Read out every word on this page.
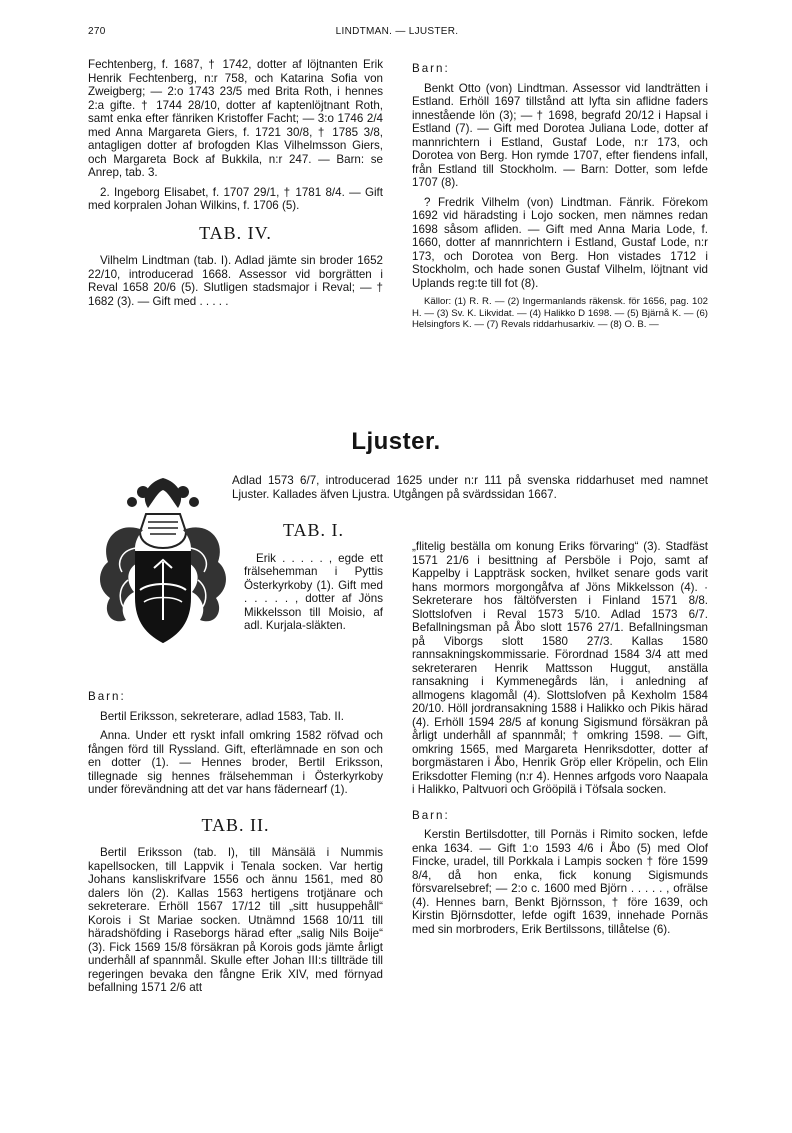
270	LINDTMAN. — LJUSTER.

Fechtenberg, f. 1687, † 1742, dotter af löjtnanten Erik Henrik Fechtenberg, n:r 758, och Katarina Sofia von Zweigberg; — 2:o 1743 23/5 med Brita Roth, i hennes 2:a gifte. † 1744 28/10, dotter af kaptenlöjtnant Roth, samt enka efter fänriken Kristoffer Facht; — 3:o 1746 2/4 med Anna Margareta Giers, f. 1721 30/8, † 1785 3/8, antagligen dotter af brofogden Klas Vilhelmsson Giers, och Margareta Bock af Bukkila, n:r 247. — Barn: se Anrep, tab. 3.

2. Ingeborg Elisabet, f. 1707 29/1, † 1781 8/4. — Gift med korpralen Johan Wilkins, f. 1706 (5).

TAB. IV.

Vilhelm Lindtman (tab. I). Adlad jämte sin broder 1652 22/10, introducerad 1668. Assessor vid borgrätten i Reval 1658 20/6 (5). Slutligen stadsmajor i Reval; — † 1682 (3). — Gift med . . . . .

Barn:

Benkt Otto (von) Lindtman. Assessor vid landträtten i Estland. Erhöll 1697 tillstånd att lyfta sin aflidne faders innestående lön (3); — † 1698, begrafd 20/12 i Hapsal i Estland (7). — Gift med Dorotea Juliana Lode, dotter af mannrichtern i Estland, Gustaf Lode, n:r 173, och Dorotea von Berg. Hon rymde 1707, efter fiendens infall, från Estland till Stockholm. — Barn: Dotter, som lefde 1707 (8).

? Fredrik Vilhelm (von) Lindtman. Fänrik. Förekom 1692 vid häradsting i Lojo socken, men nämnes redan 1698 såsom afliden. — Gift med Anna Maria Lode, f. 1660, dotter af mannrichtern i Estland, Gustaf Lode, n:r 173, och Dorotea von Berg. Hon vistades 1712 i Stockholm, och hade sonen Gustaf Vilhelm, löjtnant vid Uplands reg:te till fot (8).

Källor: (1) R. R. — (2) Ingermanlands räkensk. för 1656, pag. 102 H. — (3) Sv. K. Likvidat. — (4) Halikko D 1698. — (5) Bjärnå K. — (6) Helsingfors K. — (7) Revals riddarhusarkiv. — (8) O. B. —

Ljuster.
Adlad 1573 6/7, introducerad 1625 under n:r 111 på svenska riddarhuset med namnet Ljuster. Kallades äfven Ljustra. Utgången på svärdssidan 1667.
TAB. I.

Erik . . . . . , egde ett frälsehemman i Pyttis Österkyrkoby (1). Gift med . . . . . , dotter af Jöns Mikkelsson till Moisio, af adl. Kurjala-släkten.

Barn:

Bertil Eriksson, sekreterare, adlad 1583, Tab. II.

Anna. Under ett ryskt infall omkring 1582 röfvad och fången förd till Ryssland. Gift, efterlämnade en son och en dotter (1). — Hennes broder, Bertil Eriksson, tillegnade sig hennes frälsehemman i Österkyrkoby under förevändning att det var hans fädernearf (1).

TAB. II.

Bertil Eriksson (tab. I), till Mänsälä i Nummis kapellsocken, till Lappvik i Tenala socken. Var hertig Johans kansliskrifvare 1556 och ännu 1561, med 80 dalers lön (2). Kallas 1563 hertigens trotjänare och sekreterare. Erhöll 1567 17/12 till „sitt husuppehåll“ Korois i St Mariae socken. Utnämnd 1568 10/11 till häradshöfding i Raseborgs härad efter „salig Nils Boije“ (3). Fick 1569 15/8 försäkran på Korois gods jämte årligt underhåll af spannmål. Skulle efter Johan III:s tillträde till regeringen bevaka den fångne Erik XIV, med förnyad befallning 1571 2/6 att

„flitelig beställa om konung Eriks förvaring“ (3). Stadfäst 1571 21/6 i besittning af Persböle i Pojo, samt af Kappelby i Lappträsk socken, hvilket senare gods varit hans mormors morgongåfva af Jöns Mikkelsson (4). · Sekreterare hos fältöfversten i Finland 1571 8/8. Slottslofven i Reval 1573 5/10. Adlad 1573 6/7. Befallningsman på Åbo slott 1576 27/1. Befallningsman på Viborgs slott 1580 27/3. Kallas 1580 rannsakningskommissarie. Förordnad 1584 3/4 att med sekreteraren Henrik Mattsson Huggut, anställa ransakning i Kymmenegårds län, i anledning af allmogens klagomål (4). Slottslofven på Kexholm 1584 20/10. Höll jordransakning 1588 i Halikko och Pikis härad (4). Erhöll 1594 28/5 af konung Sigismund försäkran på årligt underhåll af spannmål; † omkring 1598. — Gift, omkring 1565, med Margareta Henriksdotter, dotter af borgmästaren i Åbo, Henrik Gröp eller Kröpelin, och Elin Eriksdotter Fleming (n:r 4). Hennes arfgods voro Naapala i Halikko, Paltvuori och Grööpilä i Töfsala socken.

Barn:

Kerstin Bertilsdotter, till Pornäs i Rimito socken, lefde enka 1634. — Gift 1:o 1593 4/6 i Åbo (5) med Olof Fincke, uradel, till Porkkala i Lampis socken † före 1599 8/4, då hon enka, fick konung Sigismunds försvarelsebref; — 2:o c. 1600 med Björn . . . . . , ofrälse (4). Hennes barn, Benkt Björnsson, † före 1639, och Kirstin Björnsdotter, lefde ogift 1639, innehade Pornäs med sin morbroders, Erik Bertilssons, tillåtelse (6).
